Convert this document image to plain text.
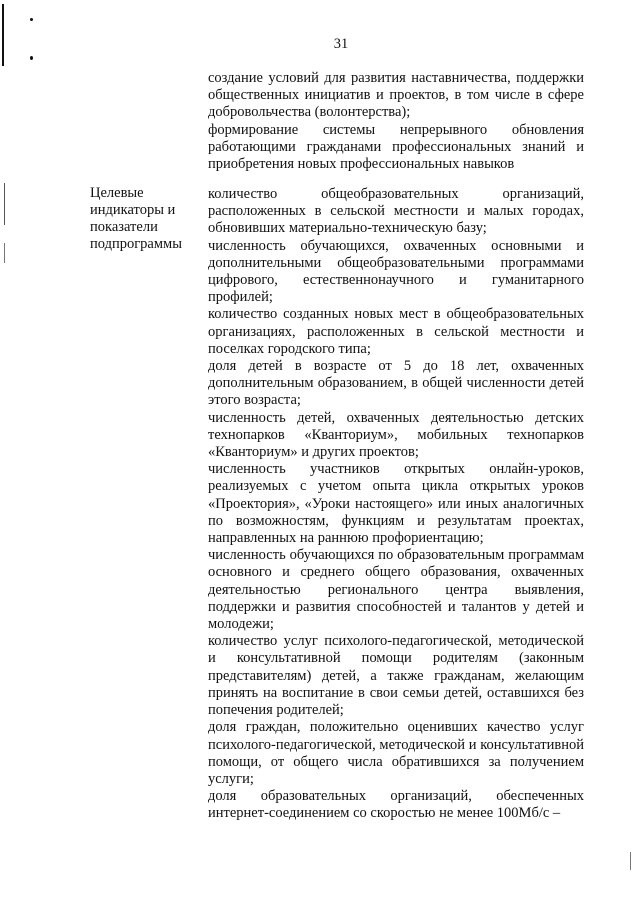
31

создание условий для развития наставничества, поддержки общественных инициатив и проектов, в том числе в сфере добровольчества (волонтерства);

формирование системы непрерывного обновления работающими гражданами профессиональных знаний и приобретения новых профессиональных навыков

Целевые индикаторы и показатели подпрограммы

количество общеобразовательных организаций, расположенных в сельской местности и малых городах, обновивших материально-техническую базу;

численность обучающихся, охваченных основными и дополнительными общеобразовательными программами цифрового, естественнонаучного и гуманитарного профилей;

количество созданных новых мест в общеобразовательных организациях, расположенных в сельской местности и поселках городского типа;

доля детей в возрасте от 5 до 18 лет, охваченных дополнительным образованием, в общей численности детей этого возраста;

численность детей, охваченных деятельностью детских технопарков «Кванториум», мобильных технопарков «Кванториум» и других проектов;

численность участников открытых онлайн-уроков, реализуемых с учетом опыта цикла открытых уроков «Проектория», «Уроки настоящего» или иных аналогичных по возможностям, функциям и результатам проектах, направленных на раннюю профориентацию;

численность обучающихся по образовательным программам основного и среднего общего образования, охваченных деятельностью регионального центра выявления, поддержки и развития способностей и талантов у детей и молодежи;

количество услуг психолого-педагогической, методической и консультативной помощи родителям (законным представителям) детей, а также гражданам, желающим принять на воспитание в свои семьи детей, оставшихся без попечения родителей;

доля граждан, положительно оценивших качество услуг психолого-педагогической, методической и консультативной помощи, от общего числа обратившихся за получением услуги;

доля образовательных организаций, обеспеченных интернет-соединением со скоростью не менее 100Мб/с –
